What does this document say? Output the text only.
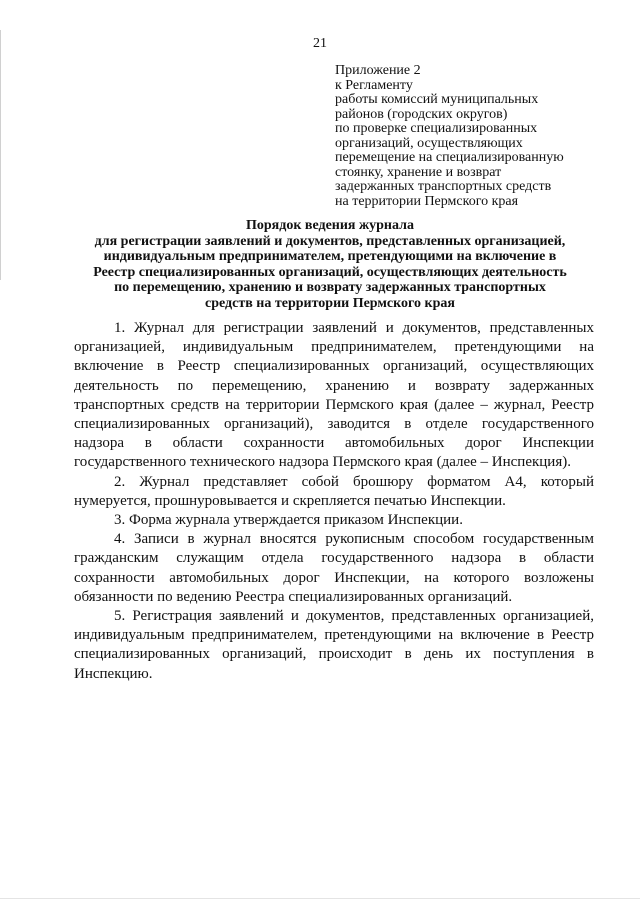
21
Приложение 2
к Регламенту
работы комиссий муниципальных
районов (городских округов)
по проверке специализированных
организаций, осуществляющих
перемещение на специализированную
стоянку, хранение и возврат
задержанных транспортных средств
на территории Пермского края
Порядок ведения журнала
для регистрации заявлений и документов, представленных организацией,
индивидуальным предпринимателем, претендующими на включение в
Реестр специализированных организаций, осуществляющих деятельность
по перемещению, хранению и возврату задержанных транспортных
средств на территории Пермского края

1. Журнал для регистрации заявлений и документов, представленных организацией, индивидуальным предпринимателем, претендующими на включение в Реестр специализированных организаций, осуществляющих деятельность по перемещению, хранению и возврату задержанных транспортных средств на территории Пермского края (далее – журнал, Реестр специализированных организаций), заводится в отделе государственного надзора в области сохранности автомобильных дорог Инспекции государственного технического надзора Пермского края (далее – Инспекция).

2. Журнал представляет собой брошюру форматом А4, который нумеруется, прошнуровывается и скрепляется печатью Инспекции.

3. Форма журнала утверждается приказом Инспекции.

4. Записи в журнал вносятся рукописным способом государственным гражданским служащим отдела государственного надзора в области сохранности автомобильных дорог Инспекции, на которого возложены обязанности по ведению Реестра специализированных организаций.

5. Регистрация заявлений и документов, представленных организацией, индивидуальным предпринимателем, претендующими на включение в Реестр специализированных организаций, происходит в день их поступления в Инспекцию.
